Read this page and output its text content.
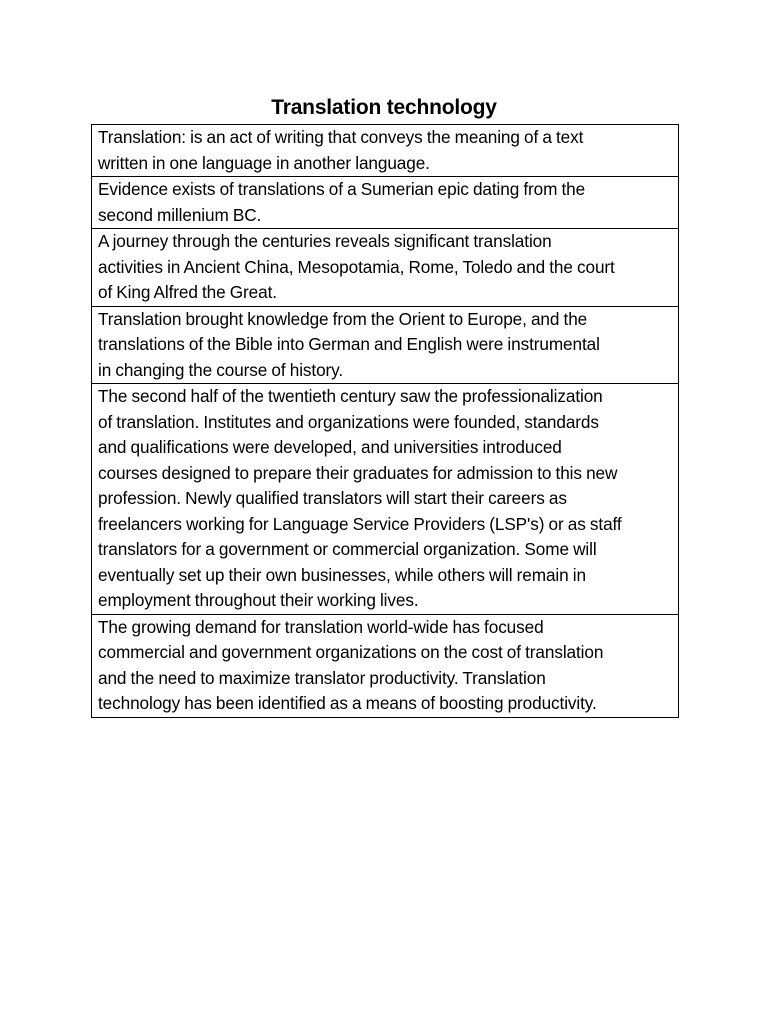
Translation technology
Translation: is an act of writing that conveys the meaning of a text
written in one language in another language.
Evidence exists of translations of a Sumerian epic dating from the
second millenium BC.
A journey through the centuries reveals significant translation
activities in Ancient China, Mesopotamia, Rome, Toledo and the court
of King Alfred the Great.
Translation brought knowledge from the Orient to Europe, and the
translations of the Bible into German and English were instrumental
in changing the course of history.
The second half of the twentieth century saw the professionalization
of translation. Institutes and organizations were founded, standards
and qualifications were developed, and universities introduced
courses designed to prepare their graduates for admission to this new
profession. Newly qualified translators will start their careers as
freelancers working for Language Service Providers (LSP's) or as staff
translators for a government or commercial organization. Some will
eventually set up their own businesses, while others will remain in
employment throughout their working lives.
The growing demand for translation world-wide has focused
commercial and government organizations on the cost of translation
and the need to maximize translator productivity. Translation
technology has been identified as a means of boosting productivity.
